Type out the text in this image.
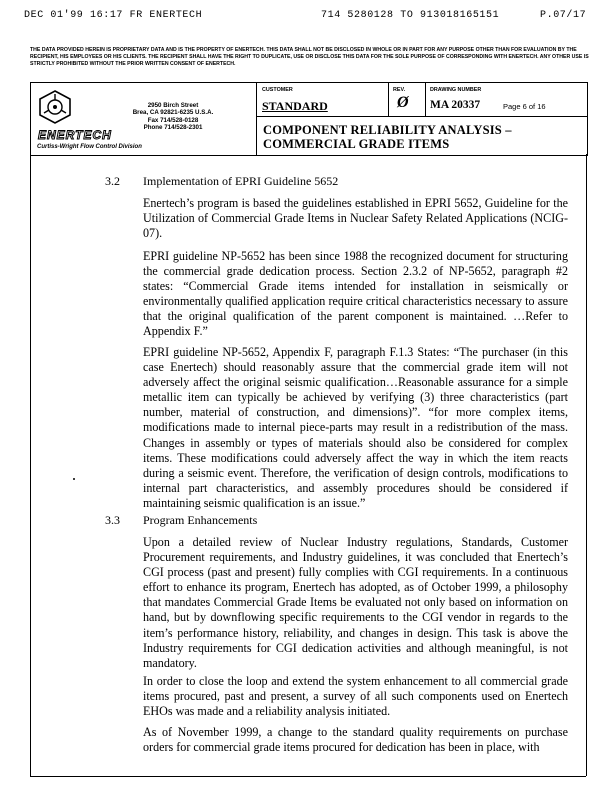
DEC 01'99 16:17 FR ENERTECH	714 5280128 TO 913018165151	P.07/17
THE DATA PROVIDED HEREIN IS PROPRIETARY DATA AND IS THE PROPERTY OF ENERTECH. THIS DATA SHALL NOT BE DISCLOSED IN WHOLE OR IN PART FOR ANY PURPOSE OTHER THAN FOR EVALUATION BY THE RECIPIENT, HIS EMPLOYEES OR HIS CLIENTS. THE RECIPIENT SHALL HAVE THE RIGHT TO DUPLICATE, USE OR DISCLOSE THIS DATA FOR THE SOLE PURPOSE OF CORRESPONDING WITH ENERTECH. ANY OTHER USE IS STRICTLY PROHIBITED WITHOUT THE PRIOR WRITTEN CONSENT OF ENERTECH.
2950 Birch Street
Brea, CA 92821-6235 U.S.A.
Fax 714/528-0128
Phone 714/528-2301
ENERTECH
Curtiss-Wright Flow Control Division
CUSTOMER
STANDARD
REV.
Ø
DRAWING NUMBER
MA 20337	Page 6 of 16
COMPONENT RELIABILITY ANALYSIS –
COMMERCIAL GRADE ITEMS
3.2 Implementation of EPRI Guideline 5652
Enertech’s program is based the guidelines established in EPRI 5652, Guideline for the Utilization of Commercial Grade Items in Nuclear Safety Related Applications (NCIG-07).
EPRI guideline NP-5652 has been since 1988 the recognized document for structuring the commercial grade dedication process. Section 2.3.2 of NP-5652, paragraph #2 states: “Commercial Grade items intended for installation in seismically or environmentally qualified application require critical characteristics necessary to assure that the original qualification of the parent component is maintained. …Refer to Appendix F.”
EPRI guideline NP-5652, Appendix F, paragraph F.1.3 States: “The purchaser (in this case Enertech) should reasonably assure that the commercial grade item will not adversely affect the original seismic qualification…Reasonable assurance for a simple metallic item can typically be achieved by verifying (3) three characteristics (part number, material of construction, and dimensions)”. “for more complex items, modifications made to internal piece-parts may result in a redistribution of the mass. Changes in assembly or types of materials should also be considered for complex items. These modifications could adversely affect the way in which the item reacts during a seismic event. Therefore, the verification of design controls, modifications to internal part characteristics, and assembly procedures should be considered if maintaining seismic qualification is an issue.”
3.3 Program Enhancements
Upon a detailed review of Nuclear Industry regulations, Standards, Customer Procurement requirements, and Industry guidelines, it was concluded that Enertech’s CGI process (past and present) fully complies with CGI requirements. In a continuous effort to enhance its program, Enertech has adopted, as of October 1999, a philosophy that mandates Commercial Grade Items be evaluated not only based on information on hand, but by downflowing specific requirements to the CGI vendor in regards to the item’s performance history, reliability, and changes in design. This task is above the Industry requirements for CGI dedication activities and although meaningful, is not mandatory.
In order to close the loop and extend the system enhancement to all commercial grade items procured, past and present, a survey of all such components used on Enertech EHOs was made and a reliability analysis initiated.
As of November 1999, a change to the standard quality requirements on purchase orders for commercial grade items procured for dedication has been in place, with
